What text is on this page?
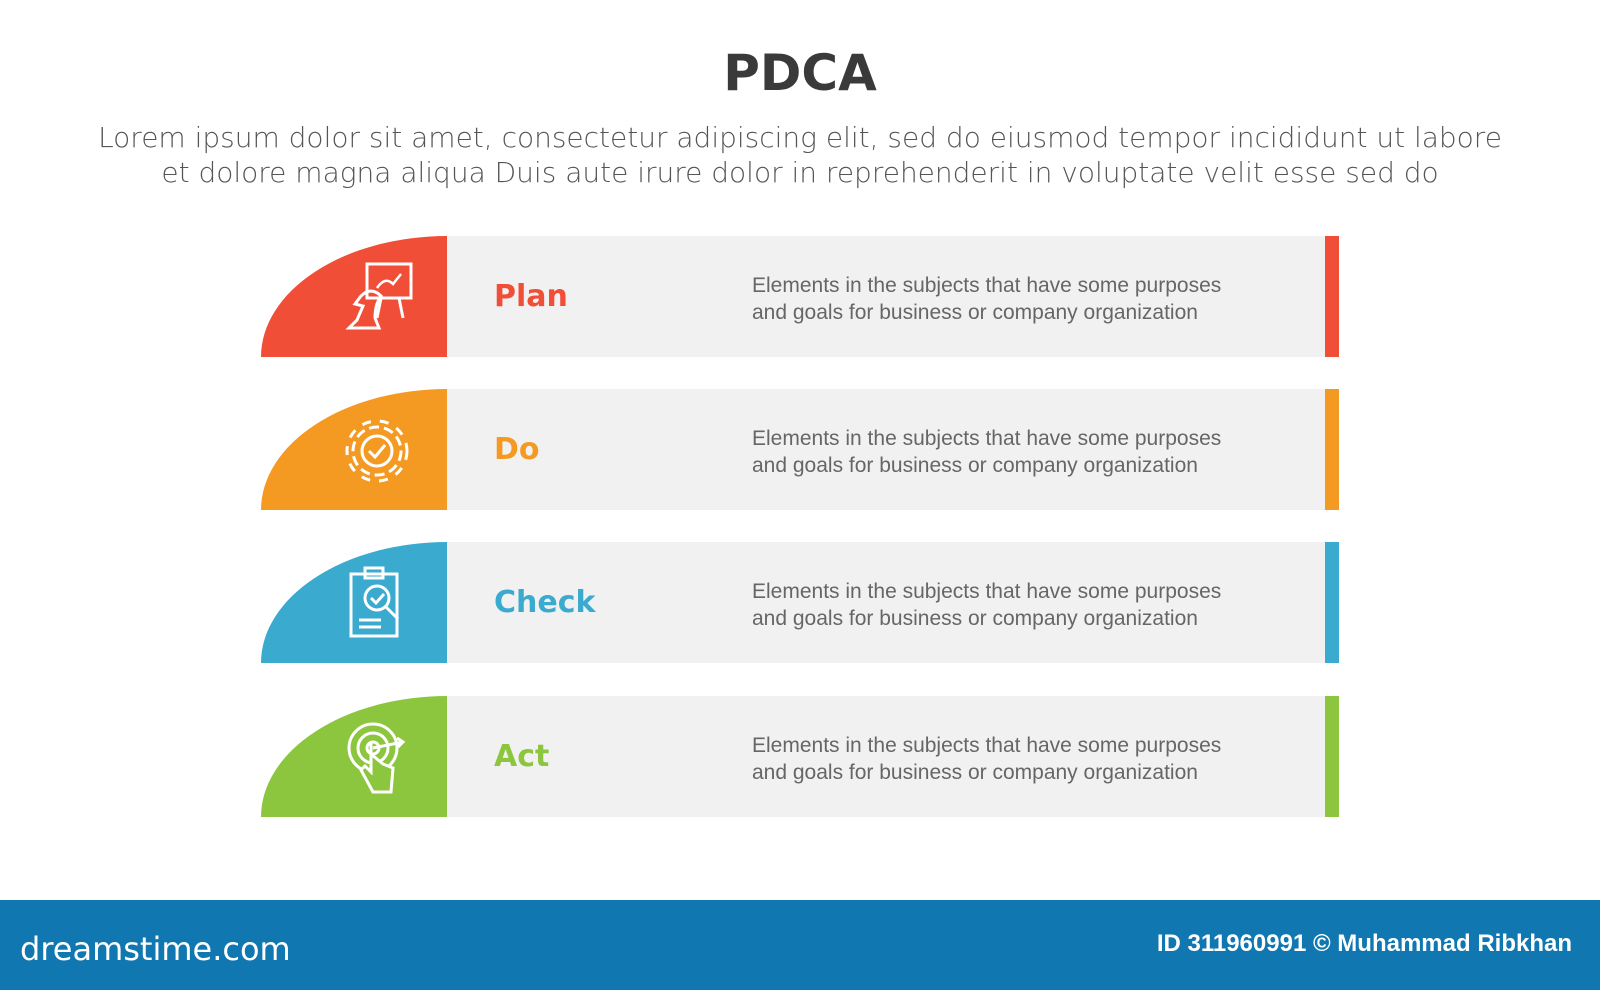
PDCA
Lorem ipsum dolor sit amet, consectetur adipiscing elit, sed do eiusmod tempor incididunt ut labore
et dolore magna aliqua Duis aute irure dolor in reprehenderit in voluptate velit esse sed do
Plan	Elements in the subjects that have some purposes
and goals for business or company organization
Do	Elements in the subjects that have some purposes
and goals for business or company organization
Check	Elements in the subjects that have some purposes
and goals for business or company organization
Act	Elements in the subjects that have some purposes
and goals for business or company organization
dreamstime.com	ID 311960991 © Muhammad Ribkhan
